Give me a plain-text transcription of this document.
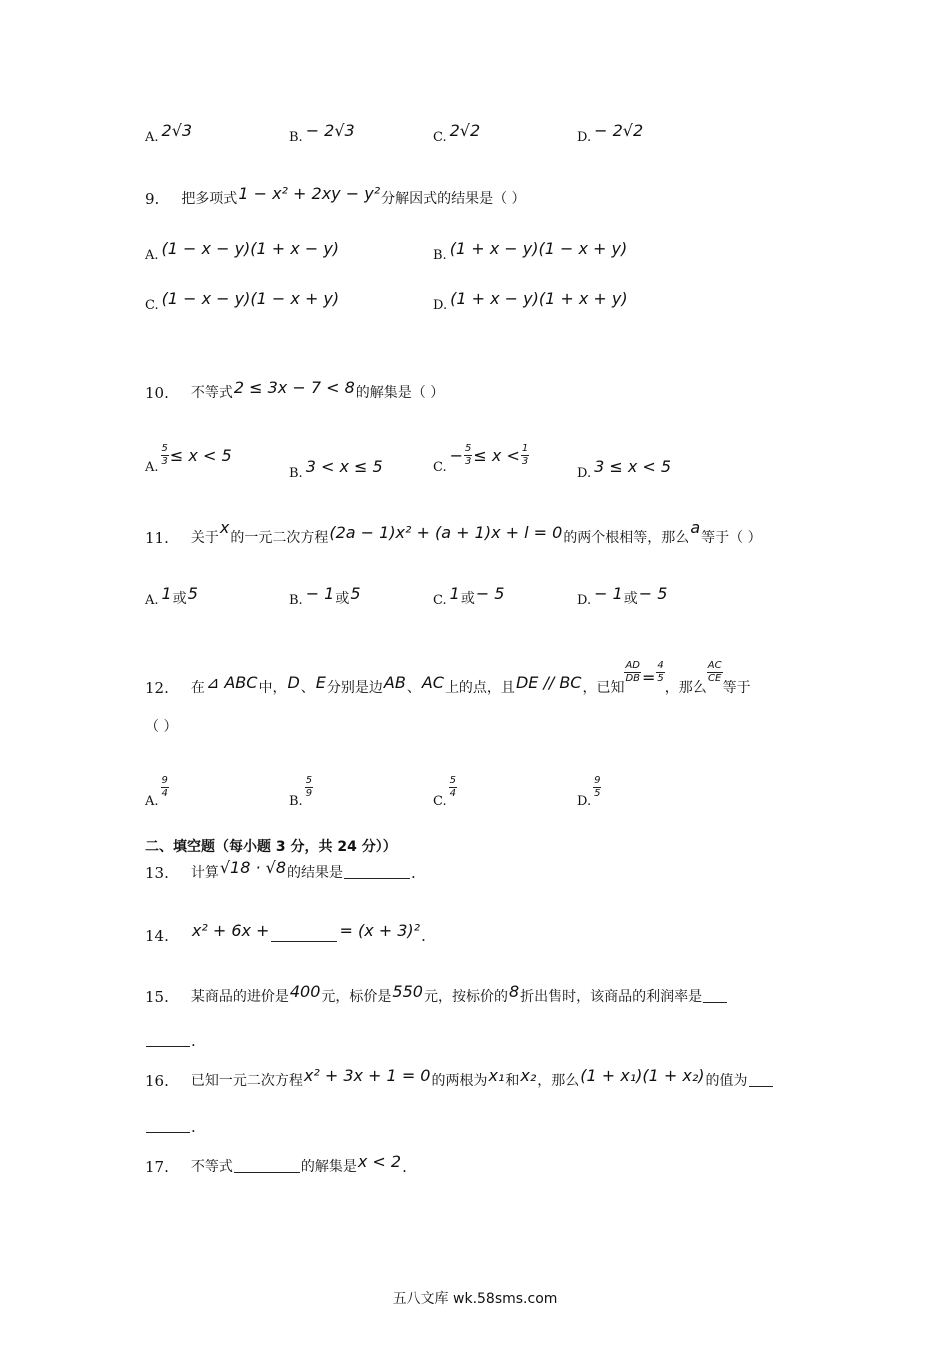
A. 2√3	B. − 2√3	C. 2√2	D. − 2√2
9. 把多项式 1 − x² + 2xy − y² 分解因式的结果是（ ）
A. (1 − x − y)(1 + x − y)	B. (1 + x − y)(1 − x + y)
C. (1 − x − y)(1 − x + y)	D. (1 + x − y)(1 + x + y)
10. 不等式 2 ≤ 3x − 7 < 8 的解集是（ ）
A. $\frac{5}{3} \le x < 5$
B. 3 < x ≤ 5	C.
− $\frac{5}{3} \le x < \frac{1}{3}$
D. 3 ≤ x < 5
11. 关于
x
的一元二次方程 (2a − 1)x² + (a + 1)x + l = 0 的两个根相等，那么
a
等于（ ）
A. 1 或 5	B. − 1 或 5	C. 1 或 − 5	D. − 1 或 − 5
12. 在 ⊿ ABC 中， D 、 E 分别是边 AB 、 AC 上的点，且 DE // BC ，已知
$\frac{AD}{DB} = \frac{4}{5}$
，那么
$\frac{AC}{CE}$
等于
（ ）
A.
$\frac{9}{4}$
B.
$\frac{5}{9}$
C.
$\frac{5}{4}$
D.
$\frac{9}{5}$
二、填空题（每小题 3 分，共 24 分））
13. 计算 √18 · √8 的结果是	.
14. x² + 6x +	= (x + 3)² .
15. 某商品的进价是 400 元，标价是 550 元，按标价的 8 折出售时，该商品的利润率是
.
16. 已知一元二次方程 x² + 3x + 1 = 0 的两根为 x₁ 和 x₂ ，那么 (1 + x₁)(1 + x₂) 的值为
.
17. 不等式	的解集是 x < 2 .
五八文库 wk.58sms.com
